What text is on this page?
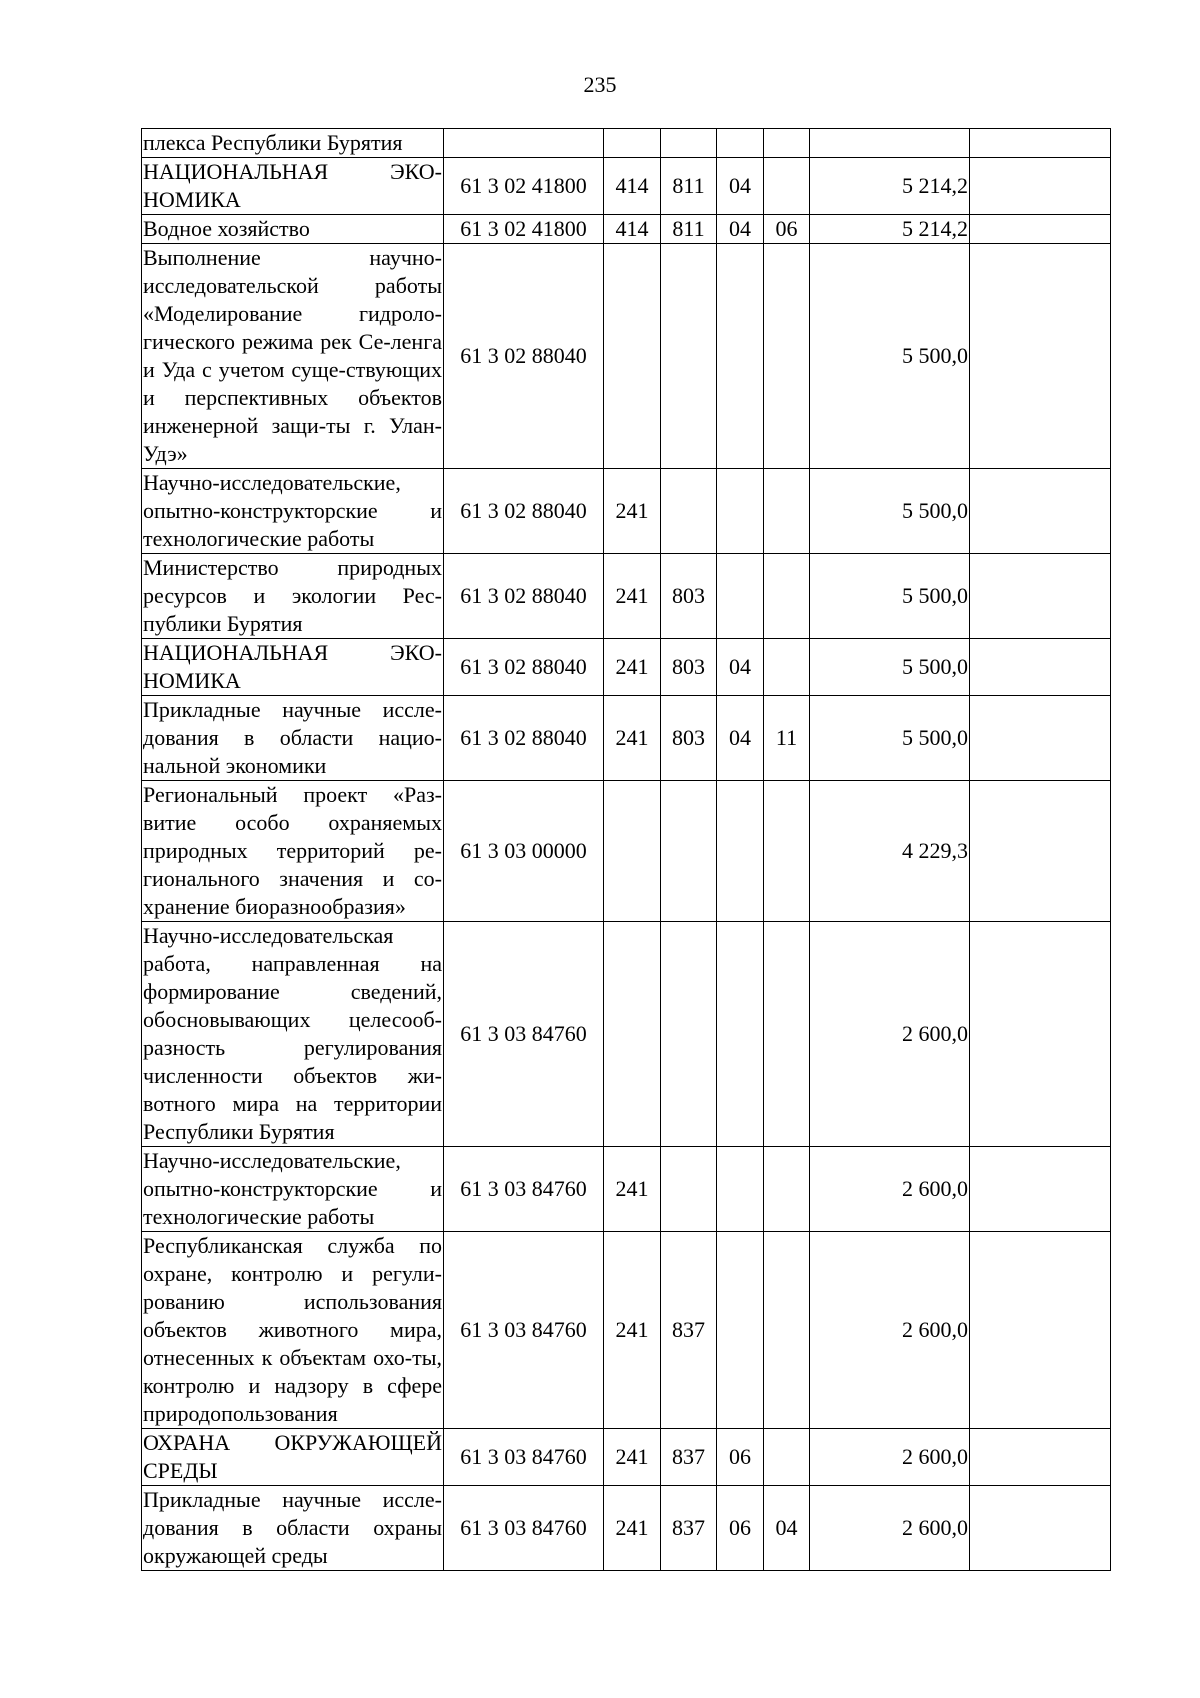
235
плекса Республики Бурятия							
НАЦИОНАЛЬНАЯ ЭКО-НОМИКА	61 3 02 41800	414	811	04		5 214,2	
Водное хозяйство	61 3 02 41800	414	811	04	06	5 214,2	
Выполнение научно-исследовательской работы «Моделирование гидроло-гического режима рек Се-ленга и Уда с учетом суще-ствующих и перспективных объектов инженерной защи-ты г. Улан-Удэ»	61 3 02 88040					5 500,0	
Научно-исследовательские, опытно-конструкторские и технологические работы	61 3 02 88040	241				5 500,0	
Министерство природных ресурсов и экологии Рес-публики Бурятия	61 3 02 88040	241	803			5 500,0	
НАЦИОНАЛЬНАЯ ЭКО-НОМИКА	61 3 02 88040	241	803	04		5 500,0	
Прикладные научные иссле-дования в области нацио-нальной экономики	61 3 02 88040	241	803	04	11	5 500,0	
Региональный проект «Раз-витие особо охраняемых природных территорий ре-гионального значения и со-хранение биоразнообразия»	61 3 03 00000					4 229,3	
Научно-исследовательская работа, направленная на формирование сведений, обосновывающих целесооб-разность регулирования численности объектов жи-вотного мира на территории Республики Бурятия	61 3 03 84760					2 600,0	
Научно-исследовательские, опытно-конструкторские и технологические работы	61 3 03 84760	241				2 600,0	
Республиканская служба по охране, контролю и регули-рованию использования объектов животного мира, отнесенных к объектам охо-ты, контролю и надзору в сфере природопользования	61 3 03 84760	241	837			2 600,0	
ОХРАНА ОКРУЖАЮЩЕЙ СРЕДЫ	61 3 03 84760	241	837	06		2 600,0	
Прикладные научные иссле-дования в области охраны окружающей среды	61 3 03 84760	241	837	06	04	2 600,0	
